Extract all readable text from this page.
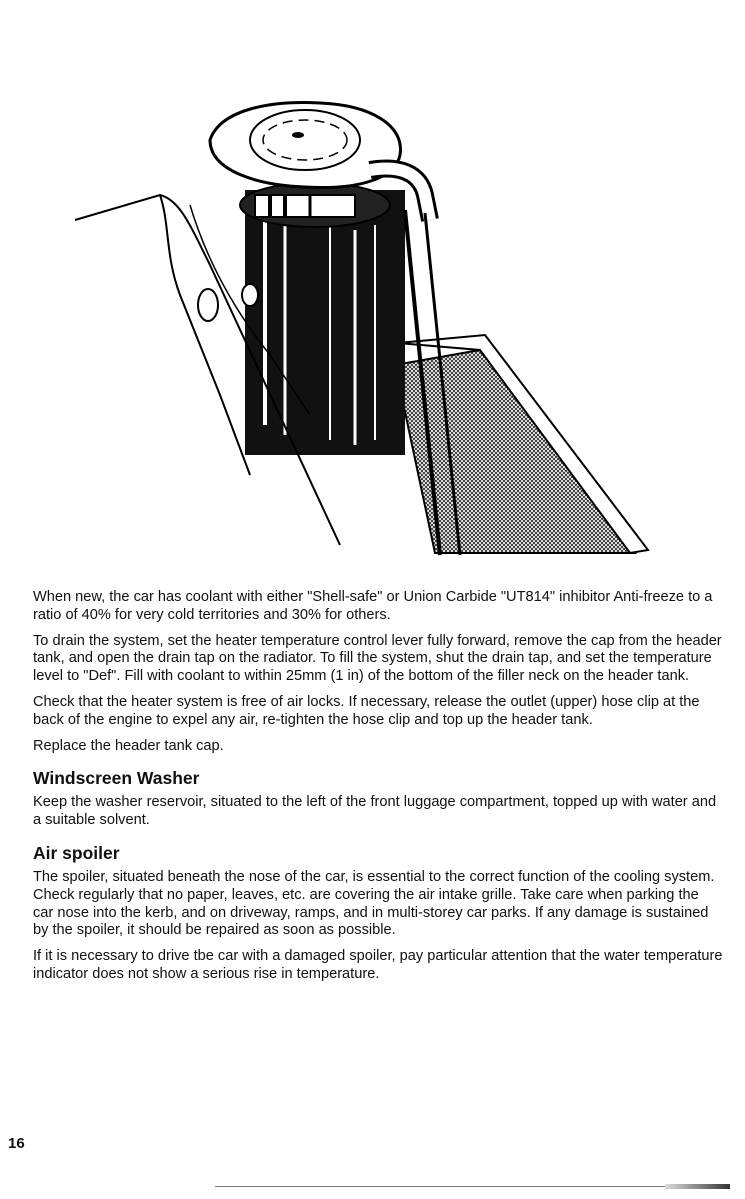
When new, the car has coolant with either "Shell-safe" or Union Carbide "UT814" inhibitor Anti-freeze to a ratio of 40% for very cold territories and 30% for others.

To drain the system, set the heater temperature control lever fully forward, remove the cap from the header tank, and open the drain tap on the radiator. To fill the system, shut the drain tap, and set the temperature level to "Def". Fill with coolant to within 25mm (1 in) of the bottom of the filler neck on the header tank.

Check that the heater system is free of air locks. If necessary, release the outlet (upper) hose clip at the back of the engine to expel any air, re-tighten the hose clip and top up the header tank.

Replace the header tank cap.

Windscreen Washer

Keep the washer reservoir, situated to the left of the front luggage compartment, topped up with water and a suitable solvent.

Air spoiler

The spoiler, situated beneath the nose of the car, is essential to the correct function of the cooling system. Check regularly that no paper, leaves, etc. are covering the air intake grille. Take care when parking the car nose into the kerb, and on driveway, ramps, and in multi-storey car parks. If any damage is sustained by the spoiler, it should be repaired as soon as possible.

If it is necessary to drive tbe car with a damaged spoiler, pay particular attention that the water temperature indicator does not show a serious rise in temperature.

16
